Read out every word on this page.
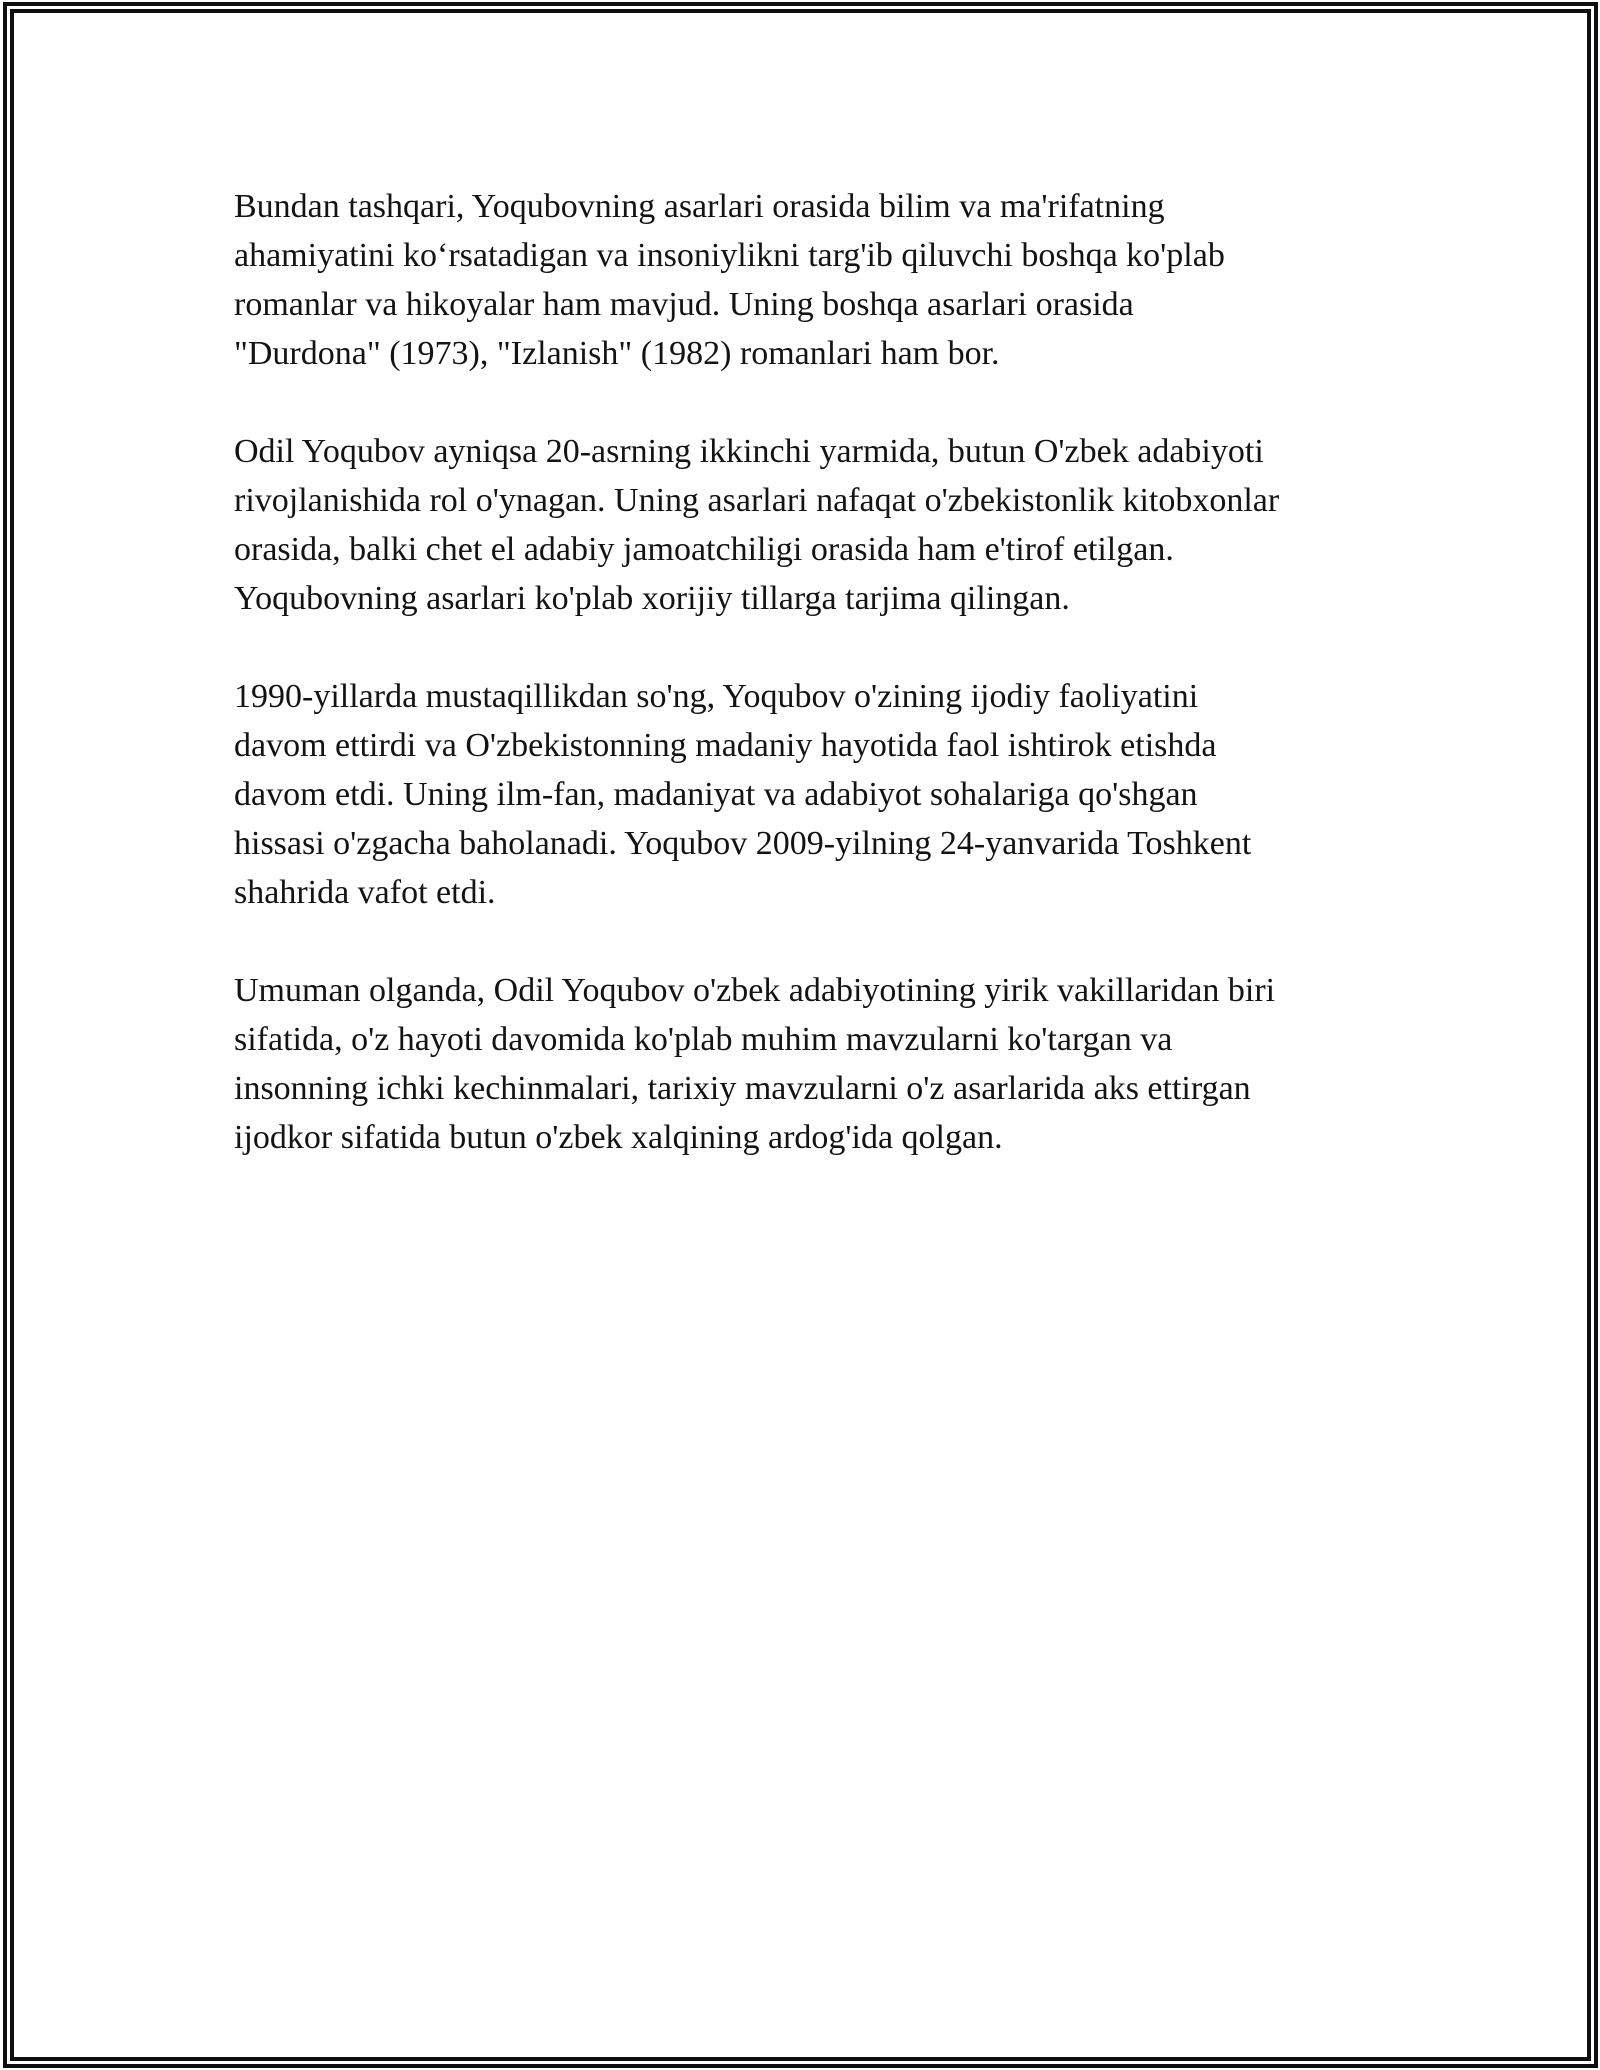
Bundan tashqari, Yoqubovning asarlari orasida bilim va ma'rifatning
ahamiyatini ko‘rsatadigan va insoniylikni targ'ib qiluvchi boshqa ko'plab
romanlar va hikoyalar ham mavjud. Uning boshqa asarlari orasida
"Durdona" (1973), "Izlanish" (1982) romanlari ham bor.
Odil Yoqubov ayniqsa 20-asrning ikkinchi yarmida, butun O'zbek adabiyoti
rivojlanishida rol o'ynagan. Uning asarlari nafaqat o'zbekistonlik kitobxonlar
orasida, balki chet el adabiy jamoatchiligi orasida ham e'tirof etilgan.
Yoqubovning asarlari ko'plab xorijiy tillarga tarjima qilingan.
1990-yillarda mustaqillikdan so'ng, Yoqubov o'zining ijodiy faoliyatini
davom ettirdi va O'zbekistonning madaniy hayotida faol ishtirok etishda
davom etdi. Uning ilm-fan, madaniyat va adabiyot sohalariga qo'shgan
hissasi o'zgacha baholanadi. Yoqubov 2009-yilning 24-yanvarida Toshkent
shahrida vafot etdi.
Umuman olganda, Odil Yoqubov o'zbek adabiyotining yirik vakillaridan biri
sifatida, o'z hayoti davomida ko'plab muhim mavzularni ko'targan va
insonning ichki kechinmalari, tarixiy mavzularni o'z asarlarida aks ettirgan
ijodkor sifatida butun o'zbek xalqining ardog'ida qolgan.
